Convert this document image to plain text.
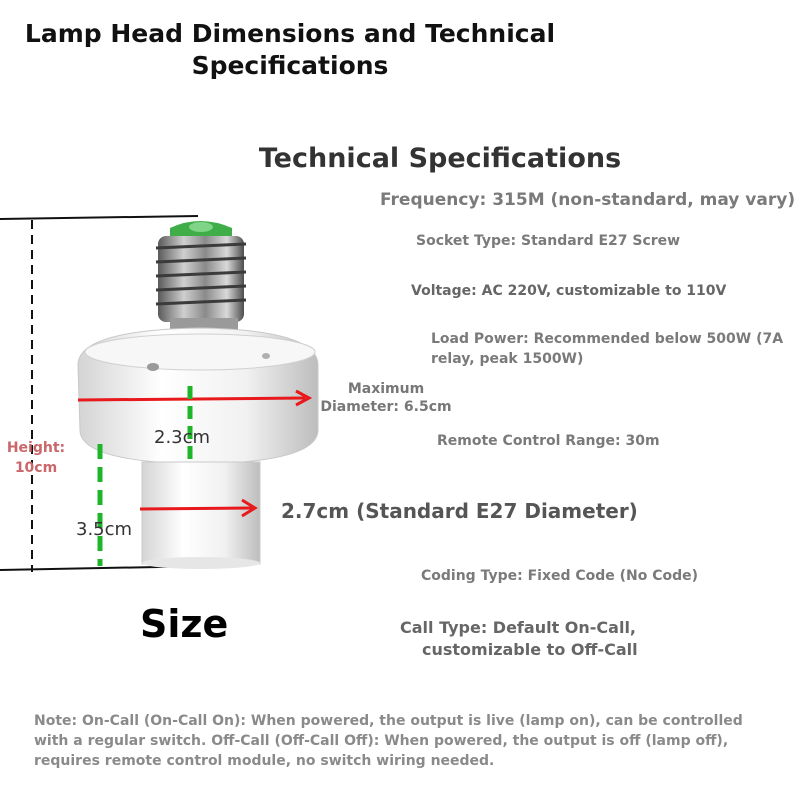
Lamp Head Dimensions and Technical Specifications
Technical Specifications
Frequency: 315M (non-standard, may vary)
Socket Type: Standard E27 Screw
Voltage: AC 220V, customizable to 110V
Load Power: Recommended below 500W (7A relay, peak 1500W)
Remote Control Range: 30m
Coding Type: Fixed Code (No Code)
Call Type: Default On-Call,
customizable to Off-Call
Maximum Diameter: 6.5cm
Height: 10cm
2.3cm
3.5cm
2.7cm (Standard E27 Diameter)
Size
Note: On-Call (On-Call On): When powered, the output is live (lamp on), can be controlled with a regular switch. Off-Call (Off-Call Off): When powered, the output is off (lamp off), requires remote control module, no switch wiring needed.
